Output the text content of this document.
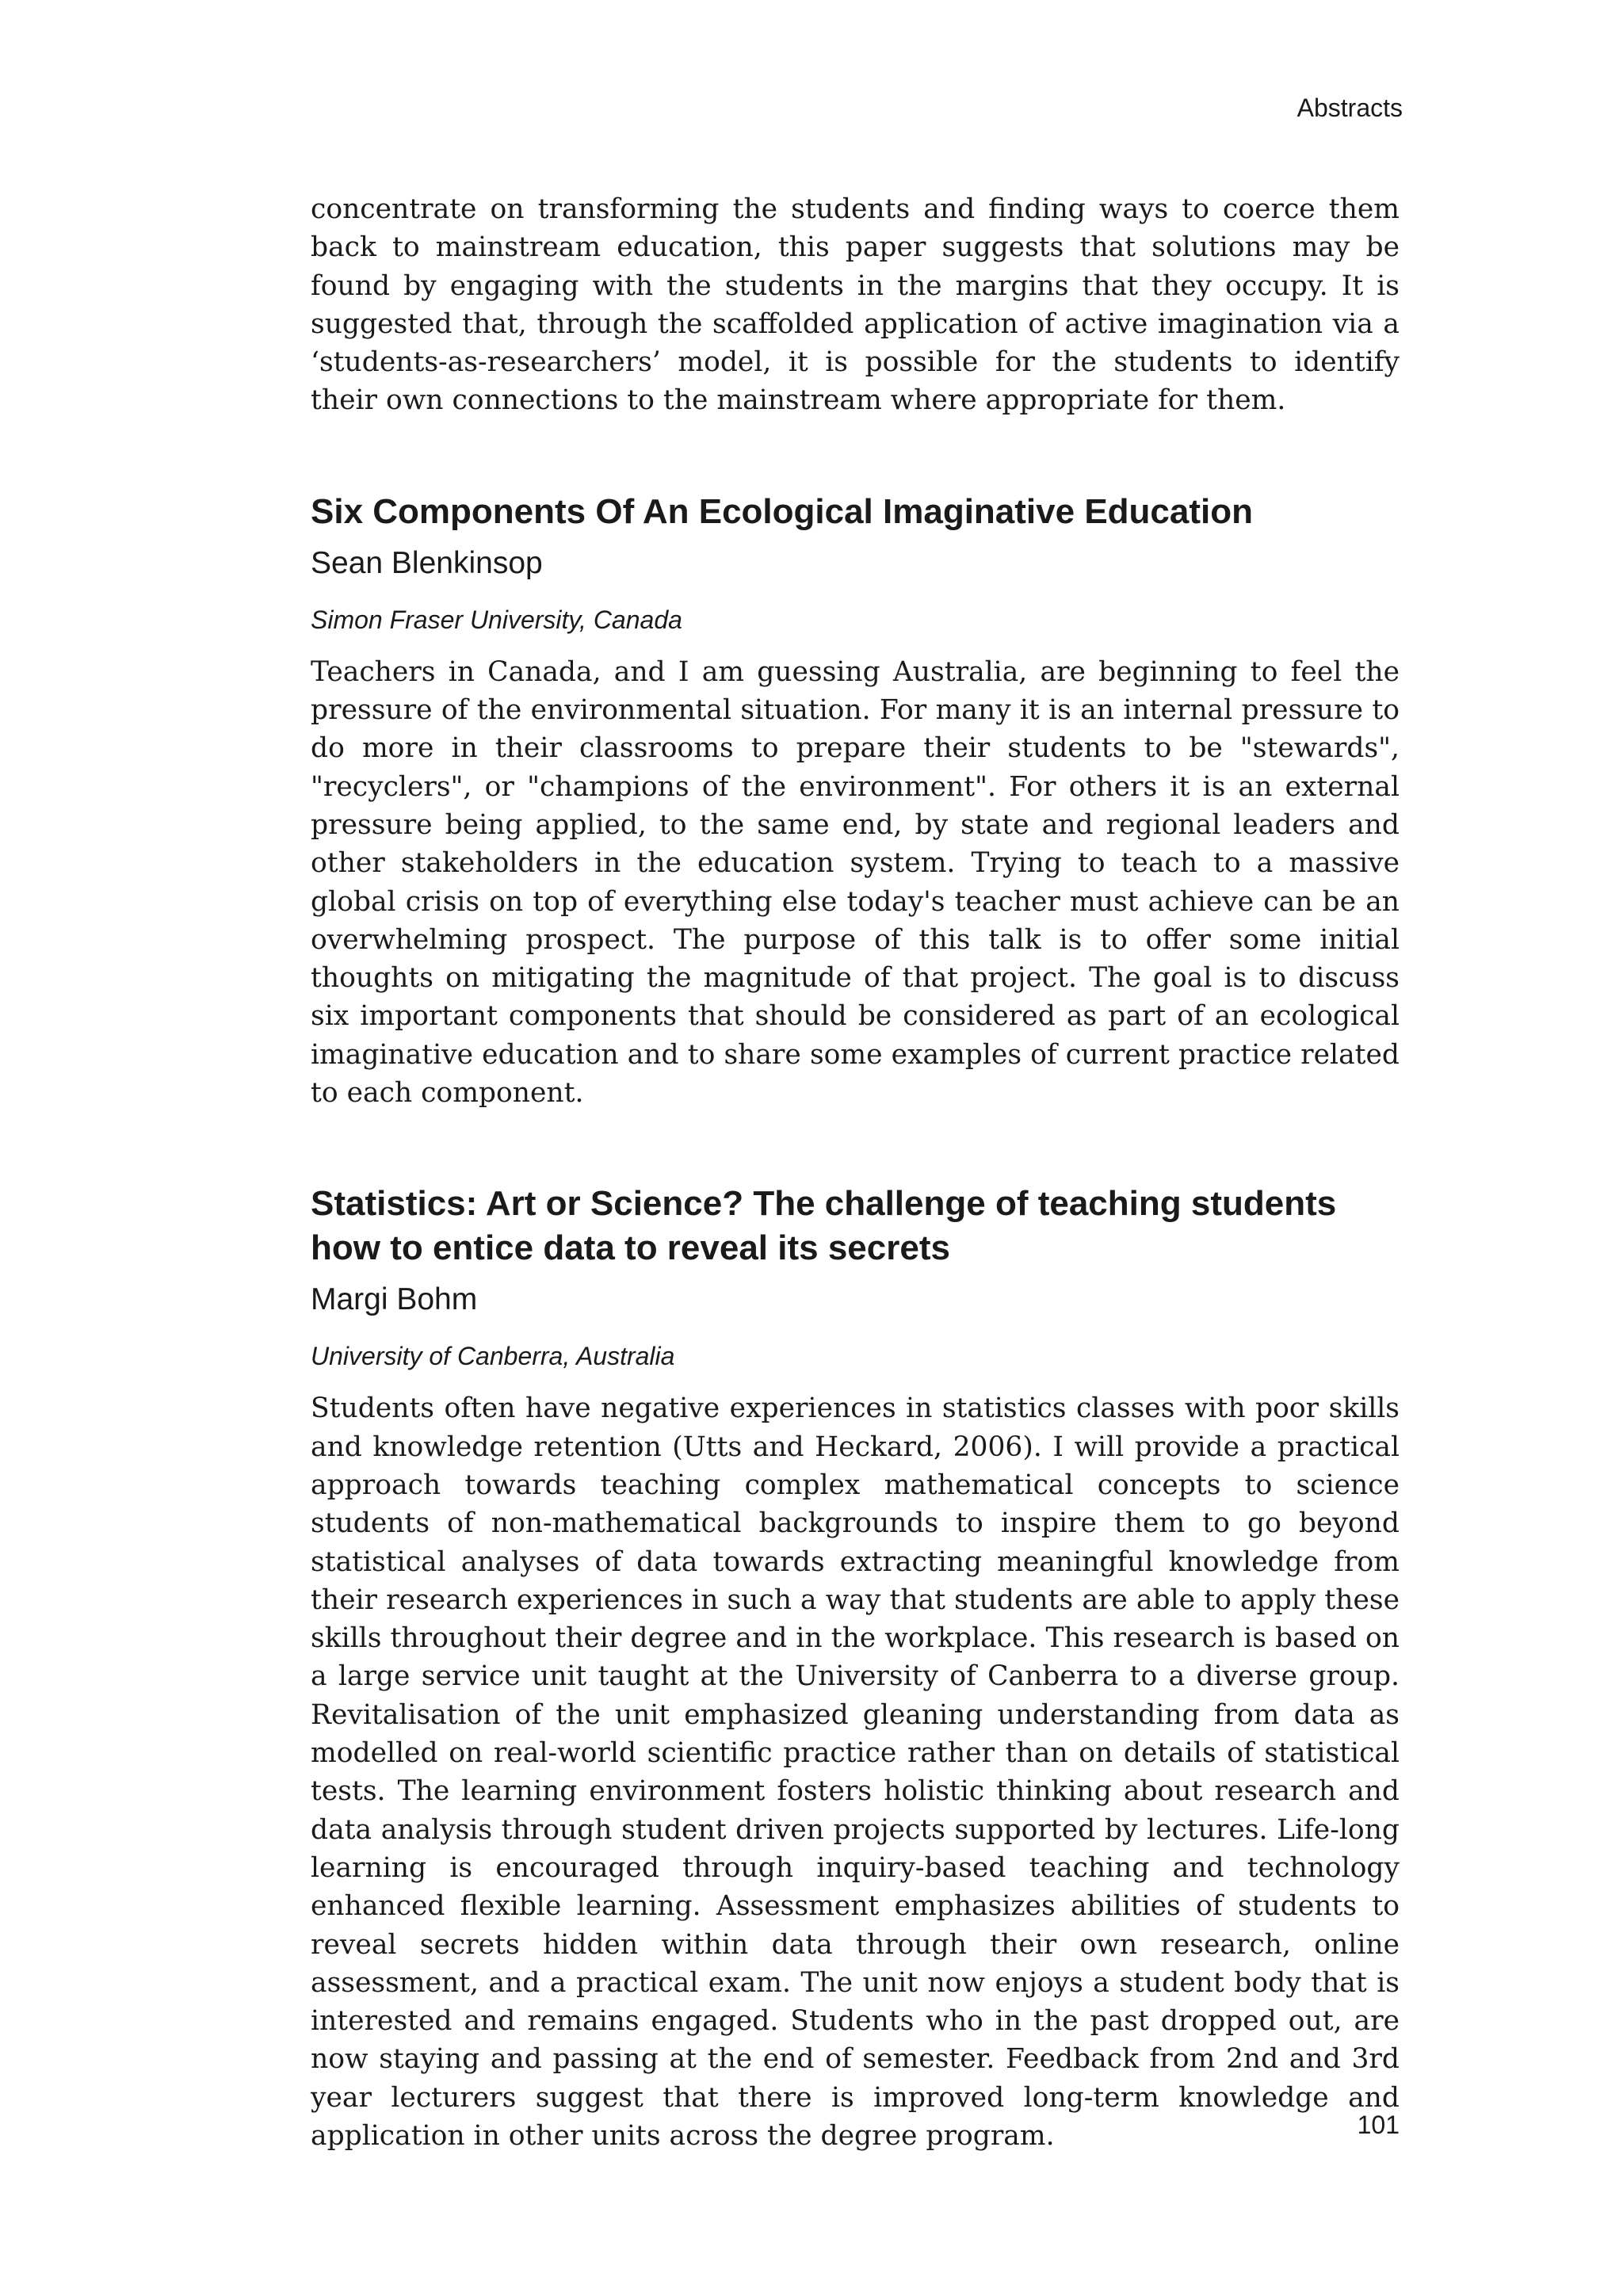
Abstracts

concentrate on transforming the students and finding ways to coerce them back to mainstream education, this paper suggests that solutions may be found by engaging with the students in the margins that they occupy. It is suggested that, through the scaffolded application of active imagination via a ‘students-as-researchers’ model, it is possible for the students to identify their own connections to the mainstream where appropriate for them.

Six Components Of An Ecological Imaginative Education
Sean Blenkinsop
Simon Fraser University, Canada

Teachers in Canada, and I am guessing Australia, are beginning to feel the pressure of the environmental situation. For many it is an internal pressure to do more in their classrooms to prepare their students to be "stewards", "recyclers", or "champions of the environment". For others it is an external pressure being applied, to the same end, by state and regional leaders and other stakeholders in the education system. Trying to teach to a massive global crisis on top of everything else today's teacher must achieve can be an overwhelming prospect. The purpose of this talk is to offer some initial thoughts on mitigating the magnitude of that project. The goal is to discuss six important components that should be considered as part of an ecological imaginative education and to share some examples of current practice related to each component.

Statistics: Art or Science? The challenge of teaching students how to entice data to reveal its secrets
Margi Bohm
University of Canberra, Australia

Students often have negative experiences in statistics classes with poor skills and knowledge retention (Utts and Heckard, 2006). I will provide a practical approach towards teaching complex mathematical concepts to science students of non-mathematical backgrounds to inspire them to go beyond statistical analyses of data towards extracting meaningful knowledge from their research experiences in such a way that students are able to apply these skills throughout their degree and in the workplace. This research is based on a large service unit taught at the University of Canberra to a diverse group. Revitalisation of the unit emphasized gleaning understanding from data as modelled on real-world scientific practice rather than on details of statistical tests. The learning environment fosters holistic thinking about research and data analysis through student driven projects supported by lectures. Life-long learning is encouraged through inquiry-based teaching and technology enhanced flexible learning. Assessment emphasizes abilities of students to reveal secrets hidden within data through their own research, online assessment, and a practical exam. The unit now enjoys a student body that is interested and remains engaged. Students who in the past dropped out, are now staying and passing at the end of semester. Feedback from 2nd and 3rd year lecturers suggest that there is improved long-term knowledge and application in other units across the degree program.	101
